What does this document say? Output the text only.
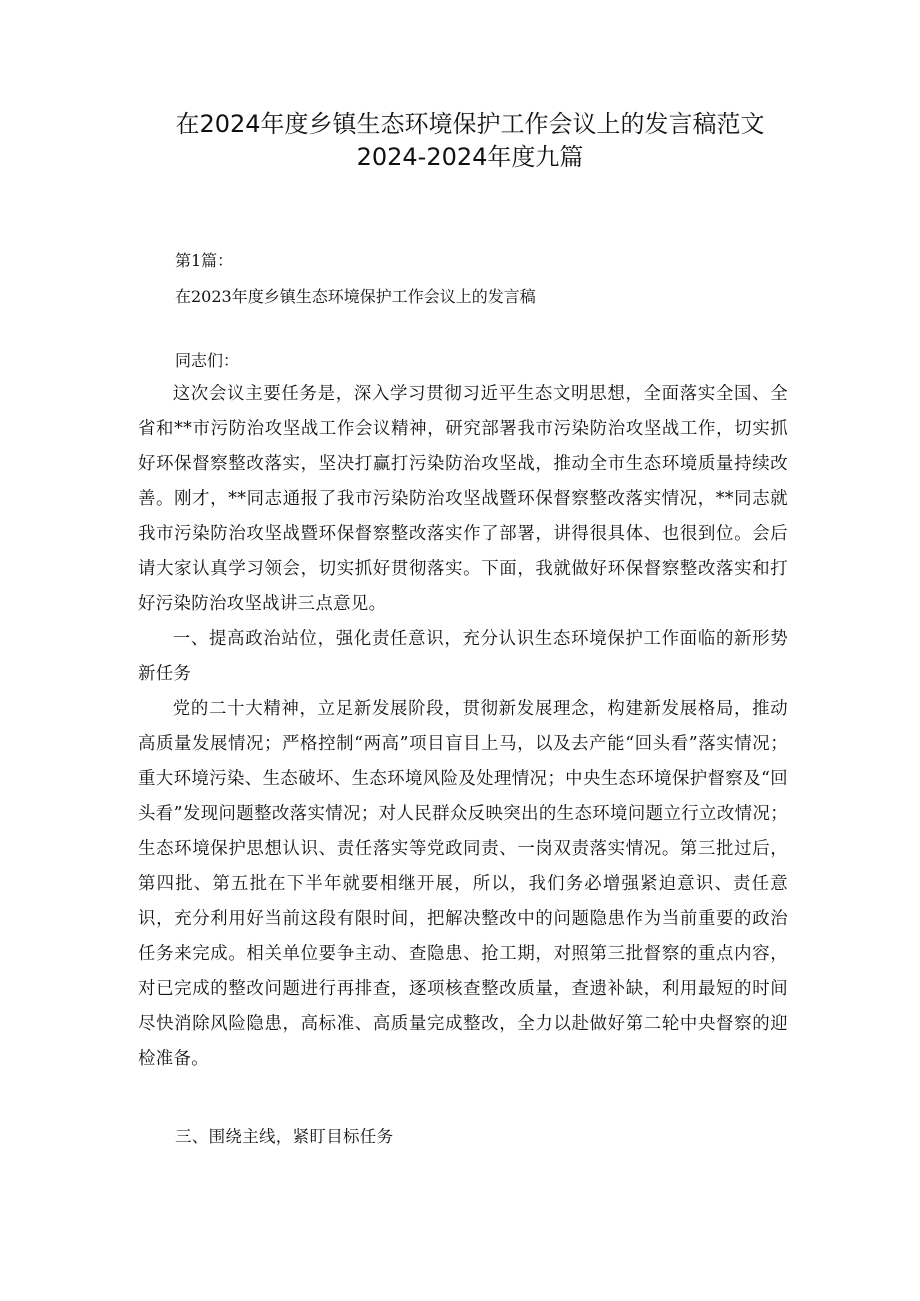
在2024年度乡镇生态环境保护工作会议上的发言稿范文
2024-2024年度九篇

第1篇：

在2023年度乡镇生态环境保护工作会议上的发言稿

同志们：

这次会议主要任务是，深入学习贯彻习近平生态文明思想，全面落实全国、全省和**市污防治攻坚战工作会议精神，研究部署我市污染防治攻坚战工作，切实抓好环保督察整改落实，坚决打赢打污染防治攻坚战，推动全市生态环境质量持续改善。刚才，**同志通报了我市污染防治攻坚战暨环保督察整改落实情况，**同志就我市污染防治攻坚战暨环保督察整改落实作了部署，讲得很具体、也很到位。会后请大家认真学习领会，切实抓好贯彻落实。下面，我就做好环保督察整改落实和打好污染防治攻坚战讲三点意见。

一、提高政治站位，强化责任意识，充分认识生态环境保护工作面临的新形势新任务

党的二十大精神，立足新发展阶段，贯彻新发展理念，构建新发展格局，推动高质量发展情况；严格控制“两高”项目盲目上马，以及去产能“回头看”落实情况；重大环境污染、生态破坏、生态环境风险及处理情况；中央生态环境保护督察及“回头看”发现问题整改落实情况；对人民群众反映突出的生态环境问题立行立改情况；生态环境保护思想认识、责任落实等党政同责、一岗双责落实情况。第三批过后，第四批、第五批在下半年就要相继开展，所以，我们务必增强紧迫意识、责任意识，充分利用好当前这段有限时间，把解决整改中的问题隐患作为当前重要的政治任务来完成。相关单位要争主动、查隐患、抢工期，对照第三批督察的重点内容，对已完成的整改问题进行再排查，逐项核查整改质量，查遗补缺，利用最短的时间尽快消除风险隐患，高标准、高质量完成整改，全力以赴做好第二轮中央督察的迎检准备。

三、围绕主线，紧盯目标任务
